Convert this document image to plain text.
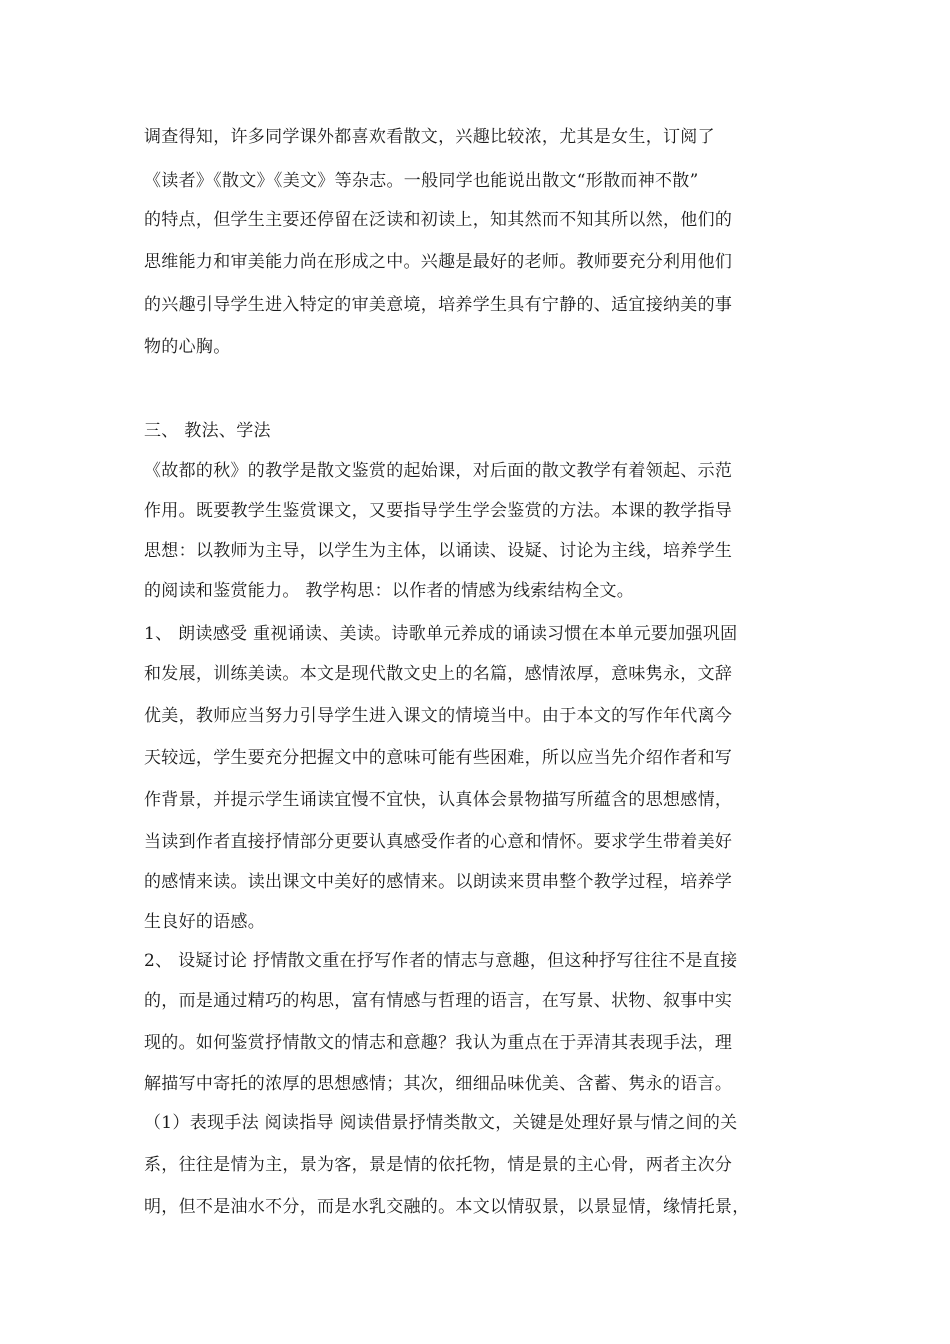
调查得知，许多同学课外都喜欢看散文，兴趣比较浓，尤其是女生，订阅了
《读者》《散文》《美文》等杂志。一般同学也能说出散文“形散而神不散”
的特点，但学生主要还停留在泛读和初读上，知其然而不知其所以然，他们的
思维能力和审美能力尚在形成之中。兴趣是最好的老师。教师要充分利用他们
的兴趣引导学生进入特定的审美意境，培养学生具有宁静的、适宜接纳美的事
物的心胸。
三、 教法、学法
《故都的秋》的教学是散文鉴赏的起始课，对后面的散文教学有着领起、示范
作用。既要教学生鉴赏课文，又要指导学生学会鉴赏的方法。本课的教学指导
思想：以教师为主导，以学生为主体，以诵读、设疑、讨论为主线，培养学生
的阅读和鉴赏能力。 教学构思：以作者的情感为线索结构全文。
1、 朗读感受 重视诵读、美读。诗歌单元养成的诵读习惯在本单元要加强巩固
和发展，训练美读。本文是现代散文史上的名篇，感情浓厚，意味隽永，文辞
优美，教师应当努力引导学生进入课文的情境当中。由于本文的写作年代离今
天较远，学生要充分把握文中的意味可能有些困难，所以应当先介绍作者和写
作背景，并提示学生诵读宜慢不宜快，认真体会景物描写所蕴含的思想感情，
当读到作者直接抒情部分更要认真感受作者的心意和情怀。要求学生带着美好
的感情来读。读出课文中美好的感情来。以朗读来贯串整个教学过程，培养学
生良好的语感。
2、 设疑讨论 抒情散文重在抒写作者的情志与意趣，但这种抒写往往不是直接
的，而是通过精巧的构思，富有情感与哲理的语言，在写景、状物、叙事中实
现的。如何鉴赏抒情散文的情志和意趣？我认为重点在于弄清其表现手法，理
解描写中寄托的浓厚的思想感情；其次，细细品味优美、含蓄、隽永的语言。
（1）表现手法 阅读指导 阅读借景抒情类散文，关键是处理好景与情之间的关
系，往往是情为主，景为客，景是情的依托物，情是景的主心骨，两者主次分
明，但不是油水不分，而是水乳交融的。本文以情驭景，以景显情，缘情托景，
